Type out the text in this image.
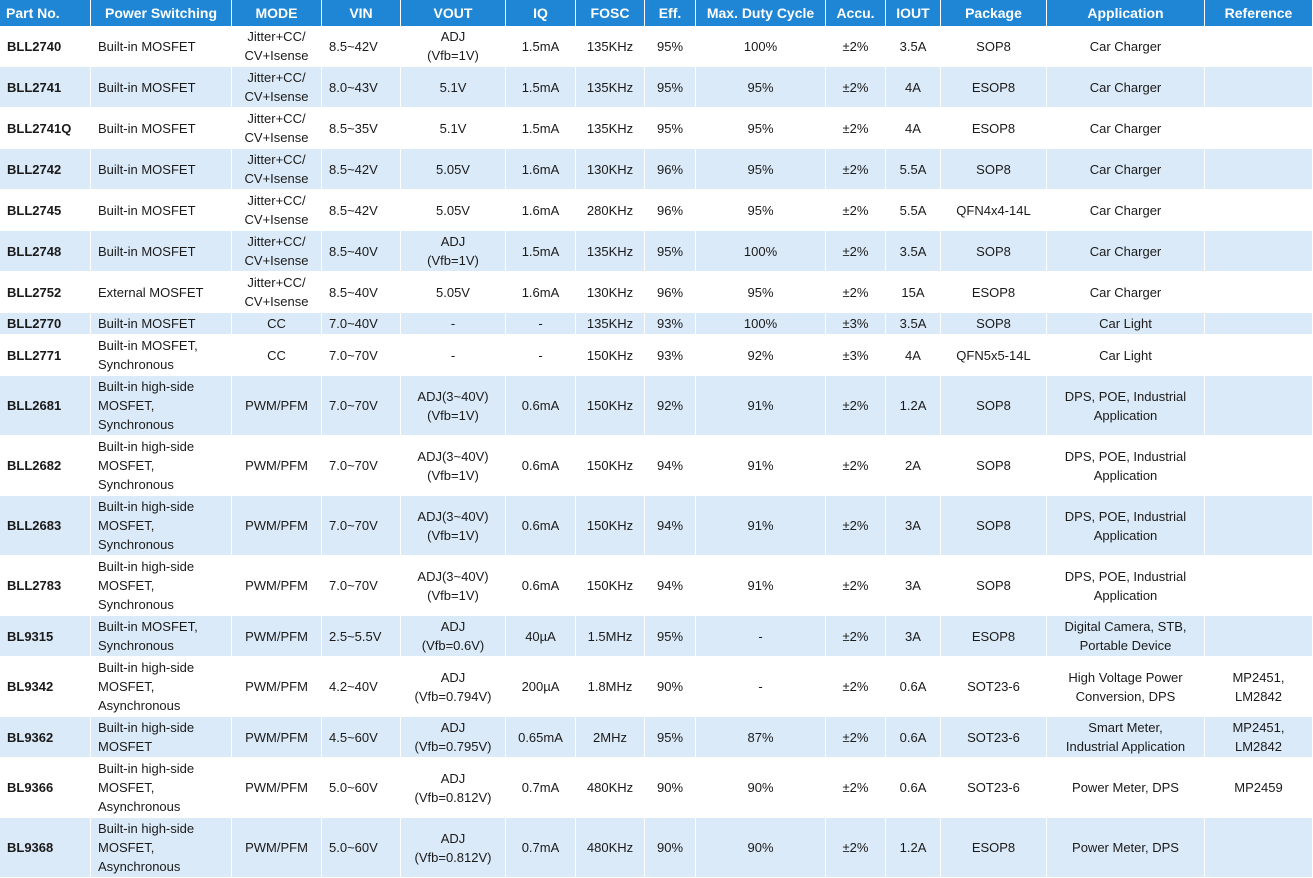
Part No.	Power Switching	MODE	VIN	VOUT	IQ	FOSC	Eff.	Max. Duty Cycle	Accu.	IOUT	Package	Application	Reference
BLL2740	Built-in MOSFET	Jitter+CC/
CV+Isense	8.5~42V	ADJ
(Vfb=1V)	1.5mA	135KHz	95%	100%	±2%	3.5A	SOP8	Car Charger	
BLL2741	Built-in MOSFET	Jitter+CC/
CV+Isense	8.0~43V	5.1V	1.5mA	135KHz	95%	95%	±2%	4A	ESOP8	Car Charger	
BLL2741Q	Built-in MOSFET	Jitter+CC/
CV+Isense	8.5~35V	5.1V	1.5mA	135KHz	95%	95%	±2%	4A	ESOP8	Car Charger	
BLL2742	Built-in MOSFET	Jitter+CC/
CV+Isense	8.5~42V	5.05V	1.6mA	130KHz	96%	95%	±2%	5.5A	SOP8	Car Charger	
BLL2745	Built-in MOSFET	Jitter+CC/
CV+Isense	8.5~42V	5.05V	1.6mA	280KHz	96%	95%	±2%	5.5A	QFN4x4-14L	Car Charger	
BLL2748	Built-in MOSFET	Jitter+CC/
CV+Isense	8.5~40V	ADJ
(Vfb=1V)	1.5mA	135KHz	95%	100%	±2%	3.5A	SOP8	Car Charger	
BLL2752	External MOSFET	Jitter+CC/
CV+Isense	8.5~40V	5.05V	1.6mA	130KHz	96%	95%	±2%	15A	ESOP8	Car Charger	
BLL2770	Built-in MOSFET	CC	7.0~40V	-	-	135KHz	93%	100%	±3%	3.5A	SOP8	Car Light	
BLL2771	Built-in MOSFET,
Synchronous	CC	7.0~70V	-	-	150KHz	93%	92%	±3%	4A	QFN5x5-14L	Car Light	
BLL2681	Built-in high-side
MOSFET,
Synchronous	PWM/PFM	7.0~70V	ADJ(3~40V)
(Vfb=1V)	0.6mA	150KHz	92%	91%	±2%	1.2A	SOP8	DPS, POE, Industrial
Application	
BLL2682	Built-in high-side
MOSFET,
Synchronous	PWM/PFM	7.0~70V	ADJ(3~40V)
(Vfb=1V)	0.6mA	150KHz	94%	91%	±2%	2A	SOP8	DPS, POE, Industrial
Application	
BLL2683	Built-in high-side
MOSFET,
Synchronous	PWM/PFM	7.0~70V	ADJ(3~40V)
(Vfb=1V)	0.6mA	150KHz	94%	91%	±2%	3A	SOP8	DPS, POE, Industrial
Application	
BLL2783	Built-in high-side
MOSFET,
Synchronous	PWM/PFM	7.0~70V	ADJ(3~40V)
(Vfb=1V)	0.6mA	150KHz	94%	91%	±2%	3A	SOP8	DPS, POE, Industrial
Application	
BL9315	Built-in MOSFET,
Synchronous	PWM/PFM	2.5~5.5V	ADJ
(Vfb=0.6V)	40µA	1.5MHz	95%	-	±2%	3A	ESOP8	Digital Camera, STB,
Portable Device	
BL9342	Built-in high-side
MOSFET,
Asynchronous	PWM/PFM	4.2~40V	ADJ
(Vfb=0.794V)	200µA	1.8MHz	90%	-	±2%	0.6A	SOT23-6	High Voltage Power
Conversion, DPS	MP2451,
LM2842
BL9362	Built-in high-side
MOSFET	PWM/PFM	4.5~60V	ADJ
(Vfb=0.795V)	0.65mA	2MHz	95%	87%	±2%	0.6A	SOT23-6	Smart Meter,
Industrial Application	MP2451,
LM2842
BL9366	Built-in high-side
MOSFET,
Asynchronous	PWM/PFM	5.0~60V	ADJ
(Vfb=0.812V)	0.7mA	480KHz	90%	90%	±2%	0.6A	SOT23-6	Power Meter, DPS	MP2459
BL9368	Built-in high-side
MOSFET,
Asynchronous	PWM/PFM	5.0~60V	ADJ
(Vfb=0.812V)	0.7mA	480KHz	90%	90%	±2%	1.2A	ESOP8	Power Meter, DPS	
